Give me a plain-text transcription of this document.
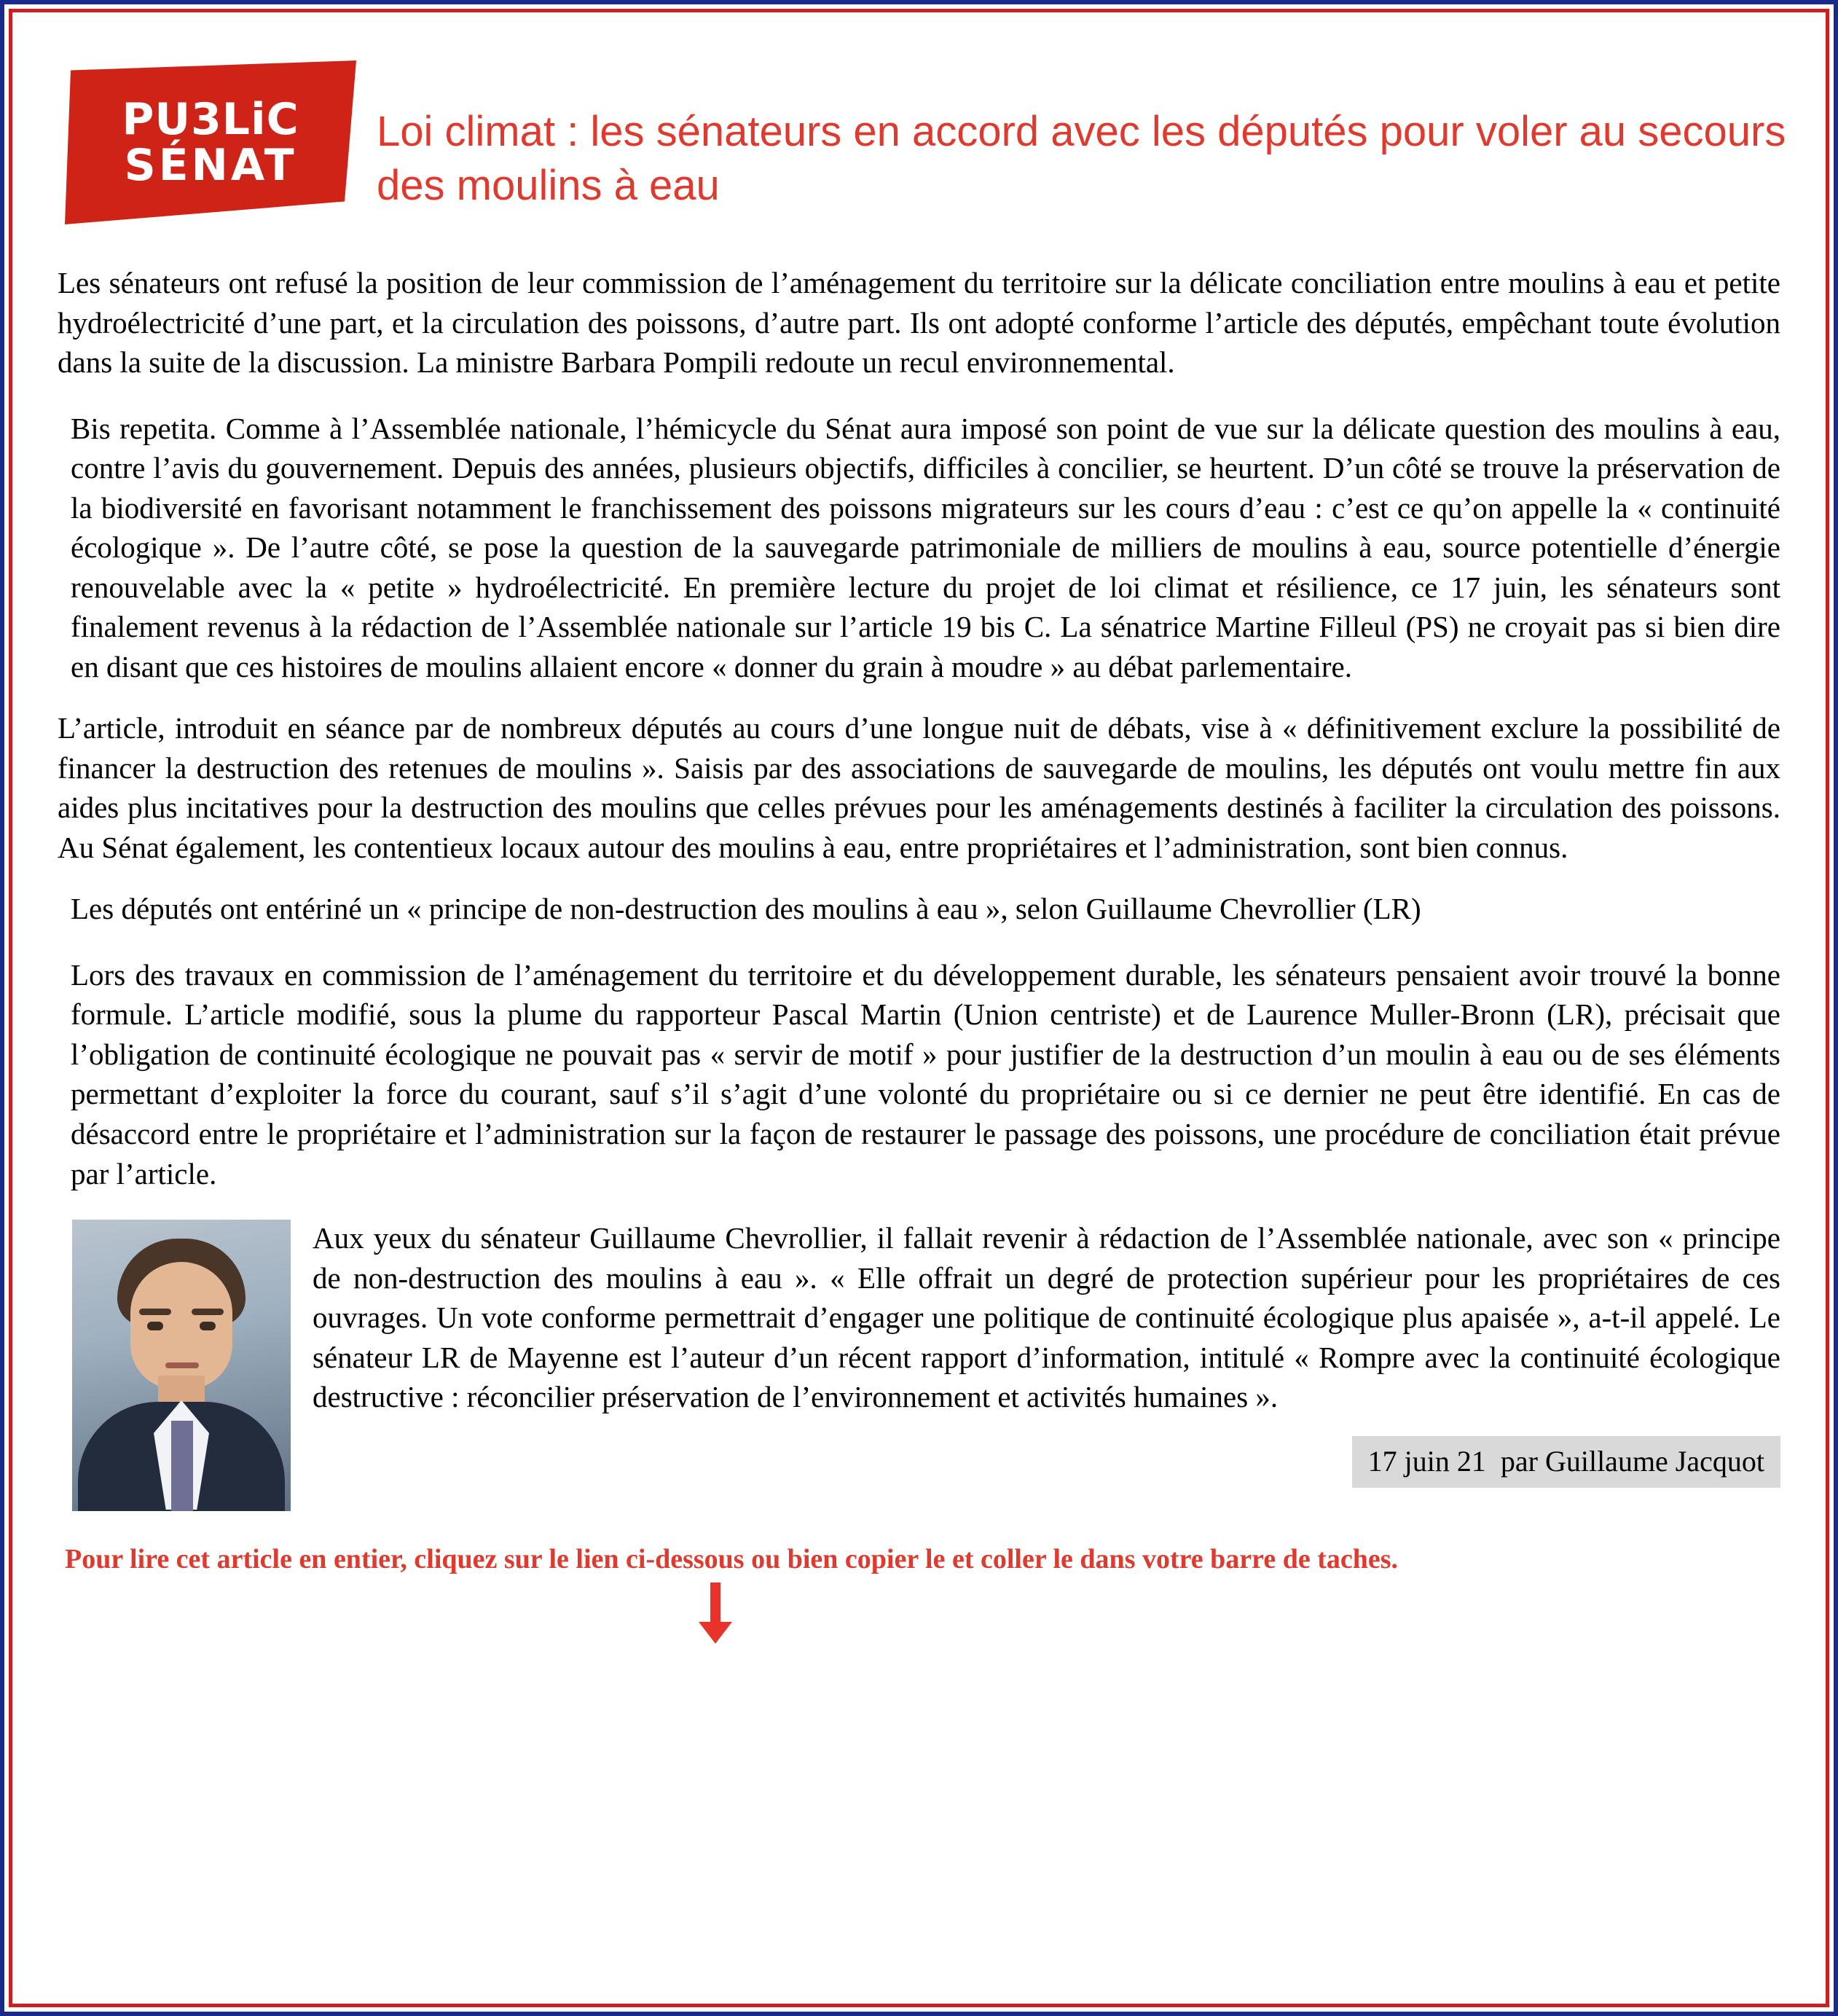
PU3LiC
SÉNAT
Loi climat : les sénateurs en accord avec les députés pour voler au secours des moulins à eau

Les sénateurs ont refusé la position de leur commission de l’aménagement du territoire sur la délicate conciliation entre moulins à eau et petite hydroélectricité d’une part, et la circulation des poissons, d’autre part. Ils ont adopté conforme l’article des députés, empêchant toute évolution dans la suite de la discussion. La ministre Barbara Pompili redoute un recul environnemental.

Bis repetita. Comme à l’Assemblée nationale, l’hémicycle du Sénat aura imposé son point de vue sur la délicate question des moulins à eau, contre l’avis du gouvernement. Depuis des années, plusieurs objectifs, difficiles à concilier, se heurtent. D’un côté se trouve la préservation de la biodiversité en favorisant notamment le franchissement des poissons migrateurs sur les cours d’eau : c’est ce qu’on appelle la « continuité écologique ». De l’autre côté, se pose la question de la sauvegarde patrimoniale de milliers de moulins à eau, source potentielle d’énergie renouvelable avec la « petite » hydroélectricité. En première lecture du projet de loi climat et résilience, ce 17 juin, les sénateurs sont finalement revenus à la rédaction de l’Assemblée nationale sur l’article 19 bis C. La sénatrice Martine Filleul (PS) ne croyait pas si bien dire en disant que ces histoires de moulins allaient encore « donner du grain à moudre » au débat parlementaire.

L’article, introduit en séance par de nombreux députés au cours d’une longue nuit de débats, vise à « définitivement exclure la possibilité de financer la destruction des retenues de moulins ». Saisis par des associations de sauvegarde de moulins, les députés ont voulu mettre fin aux aides plus incitatives pour la destruction des moulins que celles prévues pour les aménagements destinés à faciliter la circulation des poissons. Au Sénat également, les contentieux locaux autour des moulins à eau, entre propriétaires et l’administration, sont bien connus.

Les députés ont entériné un « principe de non-destruction des moulins à eau », selon Guillaume Chevrollier (LR)

Lors des travaux en commission de l’aménagement du territoire et du développement durable, les sénateurs pensaient avoir trouvé la bonne formule. L’article modifié, sous la plume du rapporteur Pascal Martin (Union centriste) et de Laurence Muller-Bronn (LR), précisait que l’obligation de continuité écologique ne pouvait pas « servir de motif » pour justifier de la destruction d’un moulin à eau ou de ses éléments permettant d’exploiter la force du courant, sauf s’il s’agit d’une volonté du propriétaire ou si ce dernier ne peut être identifié. En cas de désaccord entre le propriétaire et l’administration sur la façon de restaurer le passage des poissons, une procédure de conciliation était prévue par l’article.

Aux yeux du sénateur Guillaume Chevrollier, il fallait revenir à rédaction de l’Assemblée nationale, avec son « principe de non-destruction des moulins à eau ». « Elle offrait un degré de protection supérieur pour les propriétaires de ces ouvrages. Un vote conforme permettrait d’engager une politique de continuité écologique plus apaisée », a-t-il appelé. Le sénateur LR de Mayenne est l’auteur d’un récent rapport d’information, intitulé « Rompre avec la continuité écologique destructive : réconcilier préservation de l’environnement et activités humaines ».

17 juin 21  par Guillaume Jacquot

Pour lire cet article en entier, cliquez sur le lien ci-dessous ou bien copier le et coller le dans votre barre de taches.
